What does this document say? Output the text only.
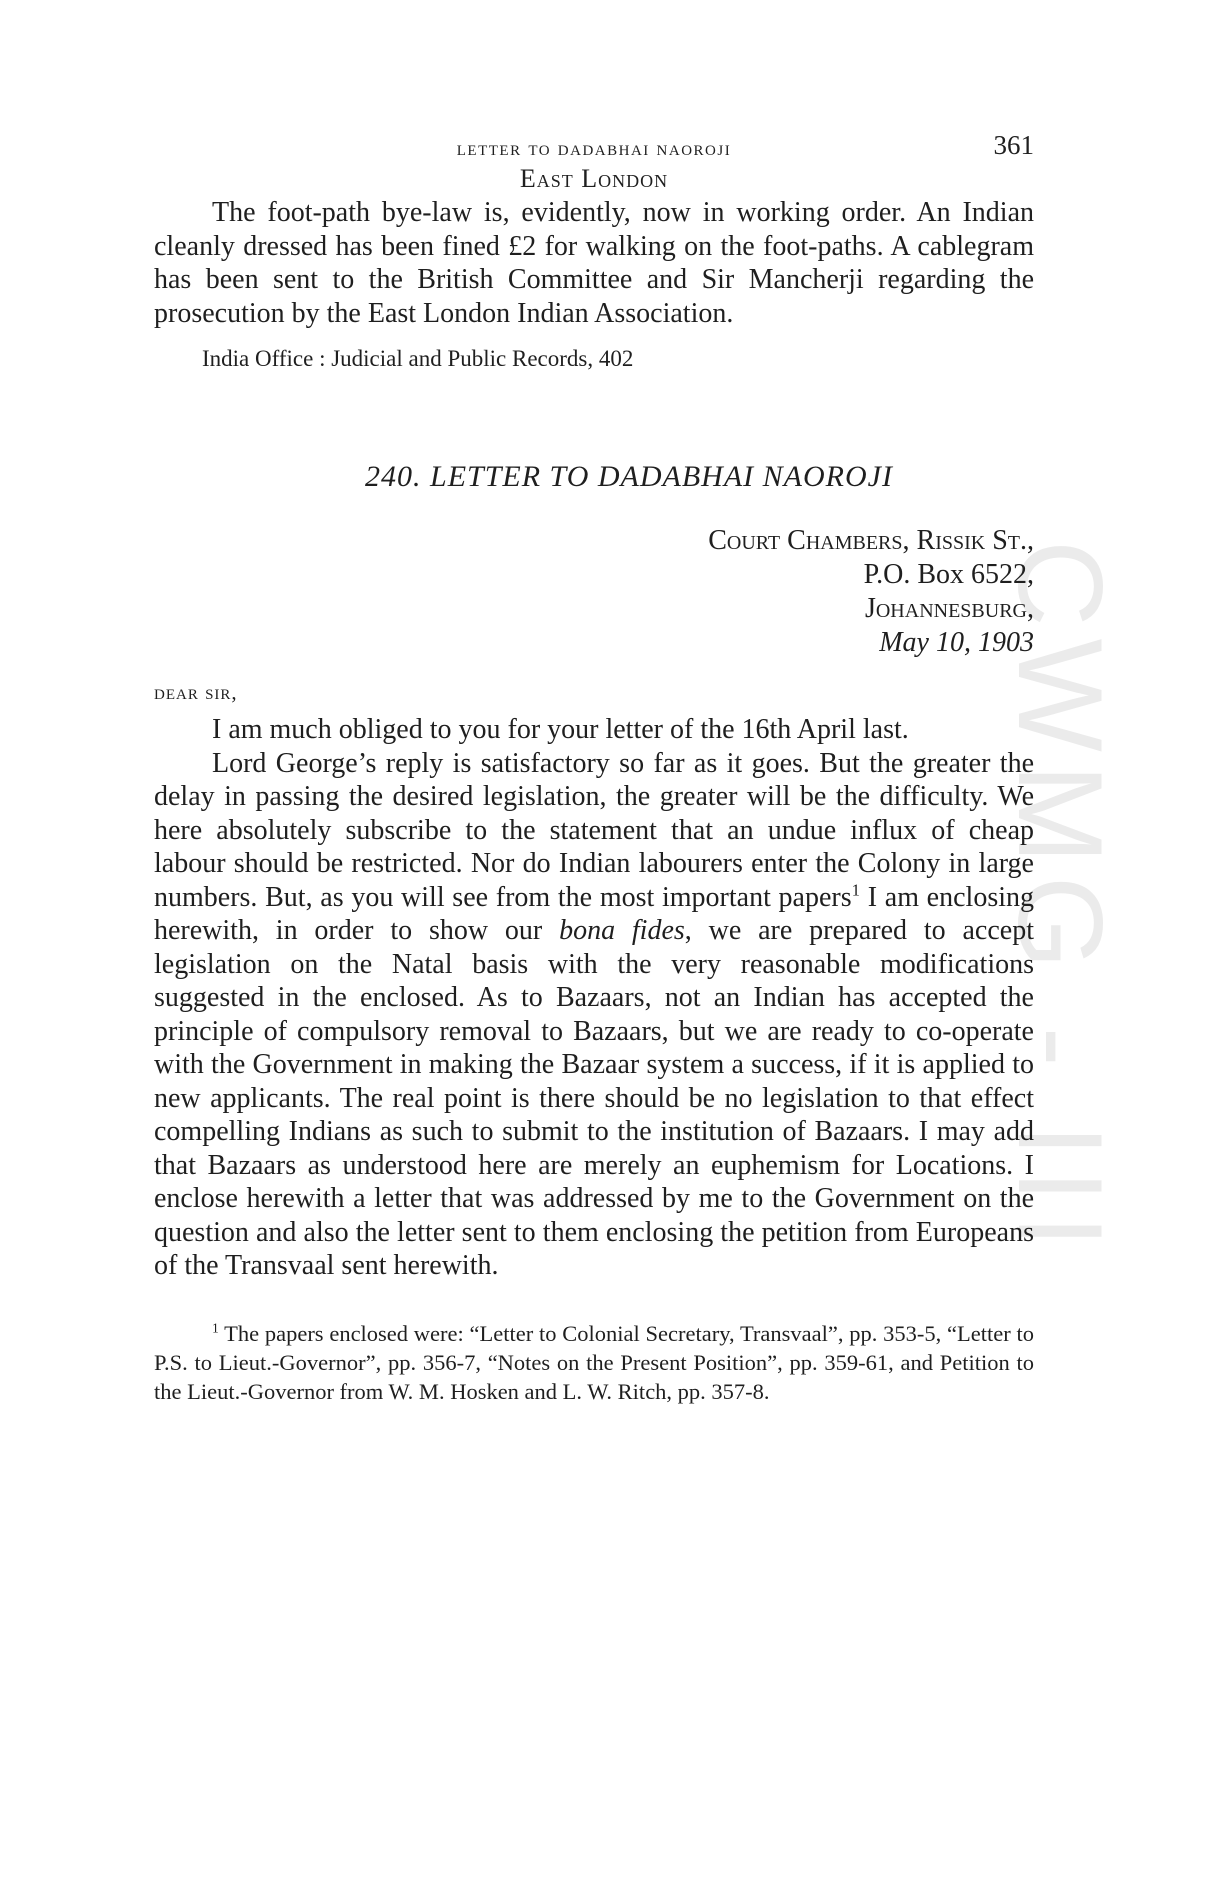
CWMG - III
letter to dadabhai naoroji	361
East London

The foot-path bye-law is, evidently, now in working order. An Indian cleanly dressed has been fined £2 for walking on the foot-paths. A cablegram has been sent to the British Committee and Sir Mancherji regarding the prosecution by the East London Indian Association.

India Office : Judicial and Public Records, 402
240. LETTER TO DADABHAI NAOROJI
Court Chambers, Rissik St.,
P.O. Box 6522,
Johannesburg,
May 10, 1903
dear sir,

I am much obliged to you for your letter of the 16th April last.

Lord George’s reply is satisfactory so far as it goes. But the greater the delay in passing the desired legislation, the greater will be the difficulty. We here absolutely subscribe to the statement that an undue influx of cheap labour should be restricted. Nor do Indian labourers enter the Colony in large numbers. But, as you will see from the most important papers$^1$ I am enclosing herewith, in order to show our bona fides, we are prepared to accept legislation on the Natal basis with the very reasonable modifications suggested in the enclosed. As to Bazaars, not an Indian has accepted the principle of compulsory removal to Bazaars, but we are ready to co-operate with the Government in making the Bazaar system a success, if it is applied to new applicants. The real point is there should be no legislation to that effect compelling Indians as such to submit to the institution of Bazaars. I may add that Bazaars as understood here are merely an euphemism for Locations. I enclose herewith a letter that was addressed by me to the Government on the question and also the letter sent to them enclosing the petition from Europeans of the Transvaal sent herewith.

$^1$ The papers enclosed were: “Letter to Colonial Secretary, Transvaal”, pp. 353-5, “Letter to P.S. to Lieut.-Governor”, pp. 356-7, “Notes on the Present Position”, pp. 359-61, and Petition to the Lieut.-Governor from W. M. Hosken and L. W. Ritch, pp. 357-8.
